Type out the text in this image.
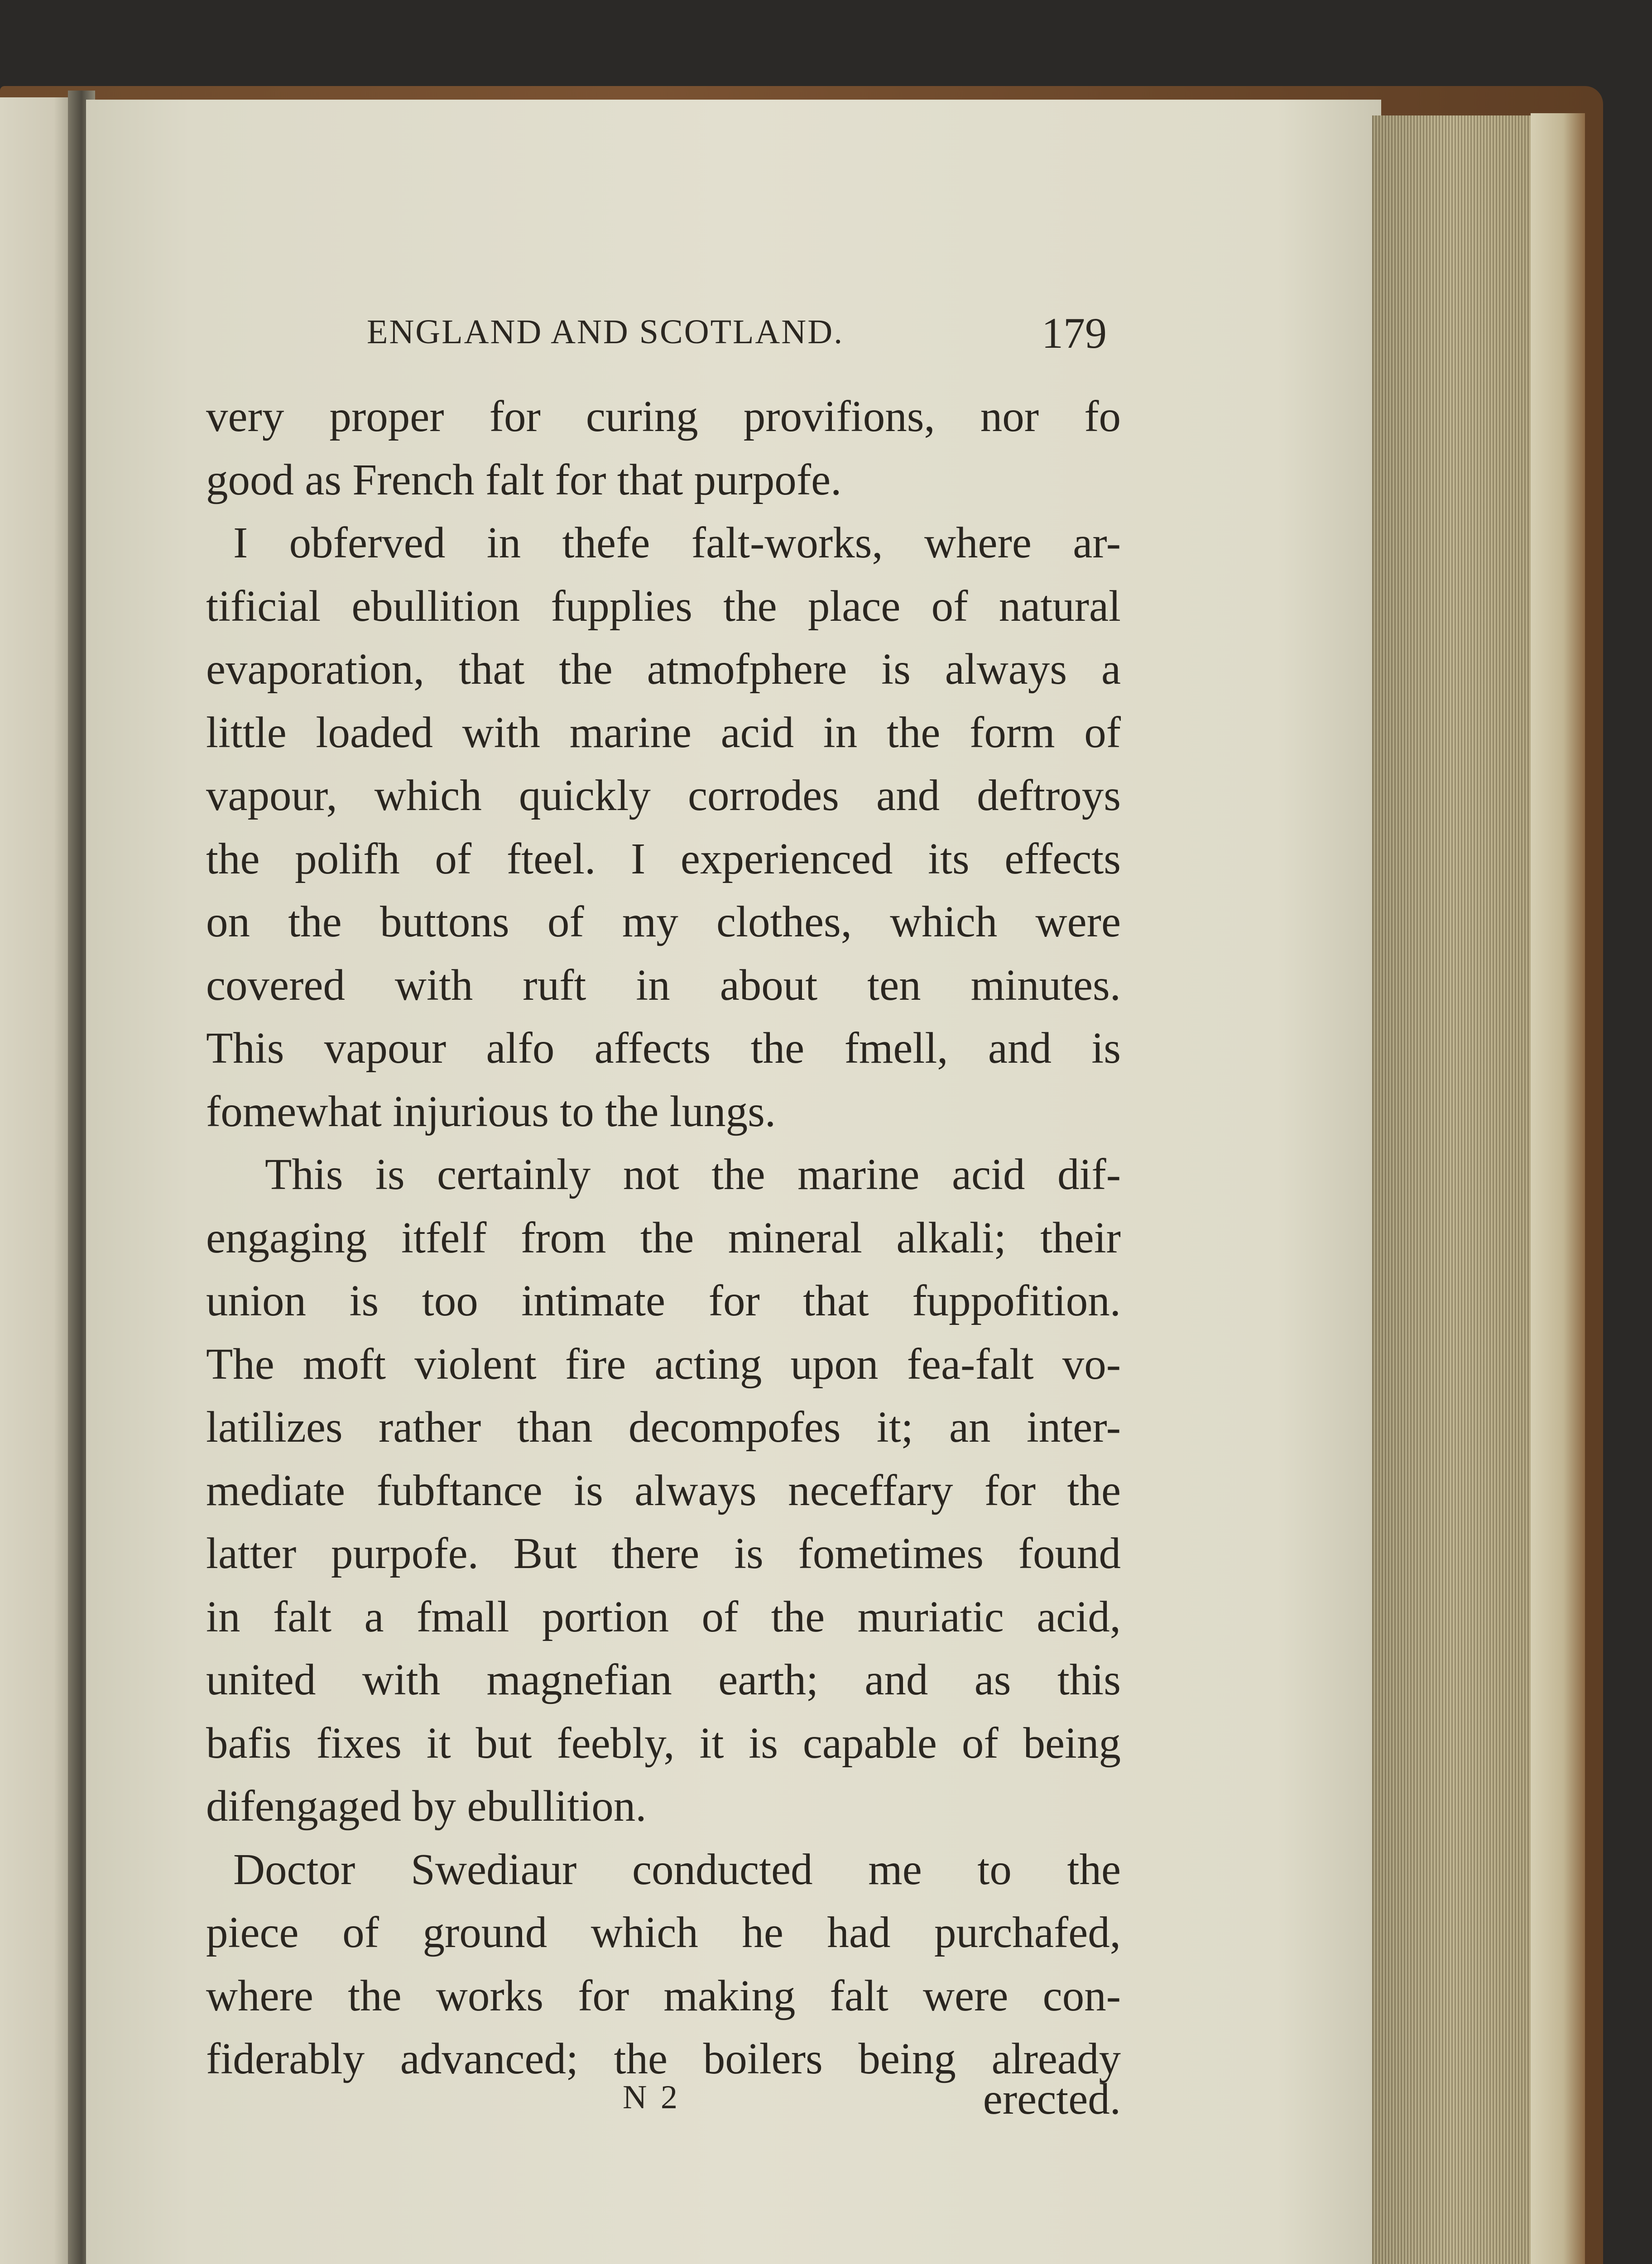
ENGLAND AND SCOTLAND.	179
very proper for curing provifions, nor fo
good as French falt for that purpofe.
I obferved in thefe falt-works, where ar-
tificial ebullition fupplies the place of natural
evaporation, that the atmofphere is always a
little loaded with marine acid in the form of
vapour, which quickly corrodes and deftroys
the polifh of fteel. I experienced its effects
on the buttons of my clothes, which were
covered with ruft in about ten minutes.
This vapour alfo affects the fmell, and is
fomewhat injurious to the lungs.
This is certainly not the marine acid dif-
engaging itfelf from the mineral alkali; their
union is too intimate for that fuppofition.
The moft violent fire acting upon fea-falt vo-
latilizes rather than decompofes it; an inter-
mediate fubftance is always neceffary for the
latter purpofe. But there is fometimes found
in falt a fmall portion of the muriatic acid,
united with magnefian earth; and as this
bafis fixes it but feebly, it is capable of being
difengaged by ebullition.
Doctor Swediaur conducted me to the
piece of ground which he had purchafed,
where the works for making falt were con-
fiderably advanced; the boilers being already
N 2	erected.
